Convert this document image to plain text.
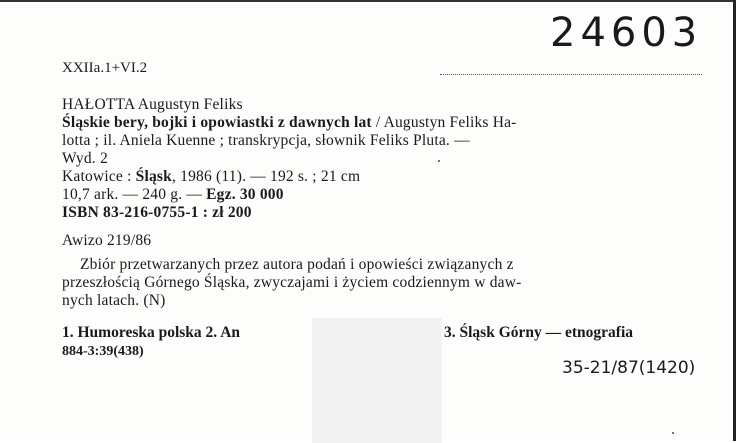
24603
XXIIa.1+VI.2
HAŁOTTA Augustyn Feliks
Śląskie bery, bojki i opowiastki z dawnych lat / Augustyn Feliks Ha-
lotta ; il. Aniela Kuenne ; transkrypcja, słownik Feliks Pluta. —
Wyd. 2
Katowice : Śląsk, 1986 (11). — 192 s. ; 21 cm
10,7 ark. — 240 g. — Egz. 30 000
ISBN 83-216-0755-1 : zł 200
Awizo 219/86
Zbiór przetwarzanych przez autora podań i opowieści związanych z
przeszłością Górnego Śląska, zwyczajami i życiem codziennym w daw-
nych latach. (N)
1. Humoreska polska 2. An	3. Śląsk Górny — etnografia
884-3:39(438)
35-21/87(1420)
